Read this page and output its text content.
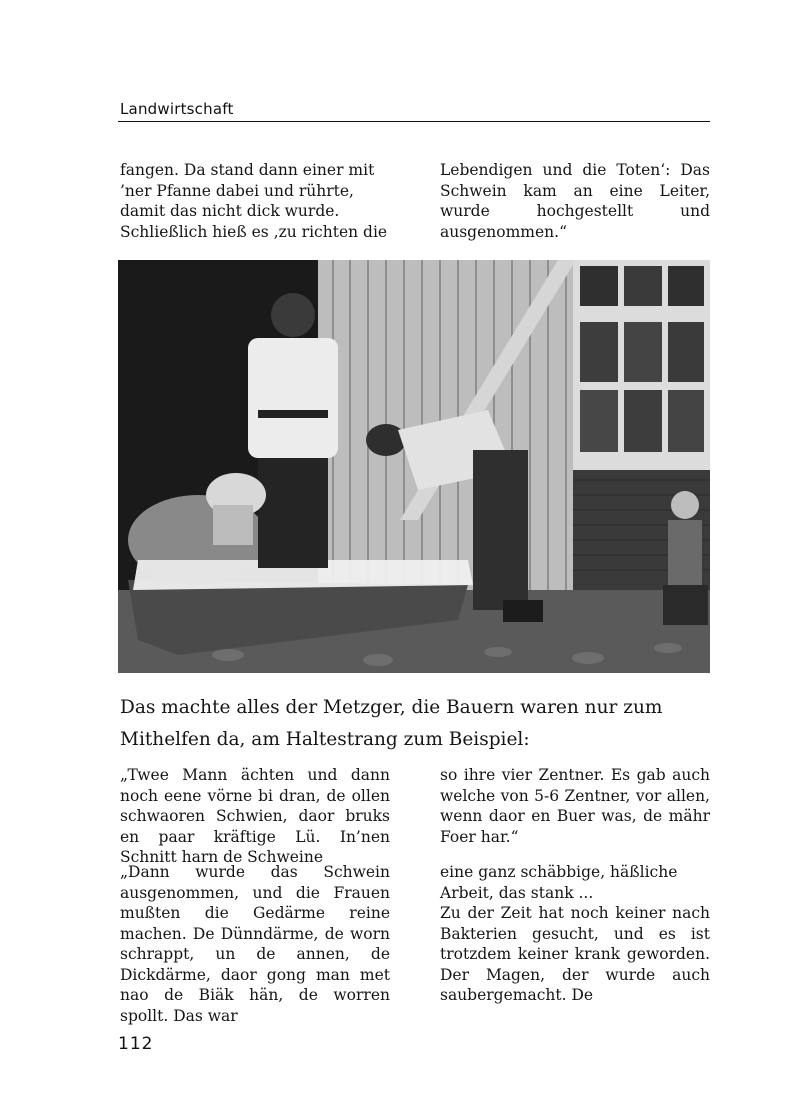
Landwirtschaft

fangen. Da stand dann einer mit ’ner Pfanne dabei und rührte, damit das nicht dick wurde.

Schließlich hieß es ‚zu richten die

Lebendigen und die Toten‘: Das Schwein kam an eine Leiter, wurde hochgestellt und ausgenommen.“

Das machte alles der Metzger, die Bauern waren nur zum Mithelfen da, am Haltestrang zum Beispiel:

„Twee Mann ächten und dann noch eene vörne bi dran, de ollen schwaoren Schwien, daor bruks en paar kräftige Lü. In’nen Schnitt harn de Schweine

so ihre vier Zentner. Es gab auch welche von 5-6 Zentner, vor allen, wenn daor en Buer was, de mähr Foer har.“

„Dann wurde das Schwein ausgenommen, und die Frauen mußten die Gedärme reine machen. De Dünndärme, de worn schrappt, un de annen, de Dickdärme, daor gong man met nao de Biäk hän, de worren spollt. Das war

eine ganz schäbbige, häßliche Arbeit, das stank ...

Zu der Zeit hat noch keiner nach Bakterien gesucht, und es ist trotzdem keiner krank geworden. Der Magen, der wurde auch saubergemacht. De

112
